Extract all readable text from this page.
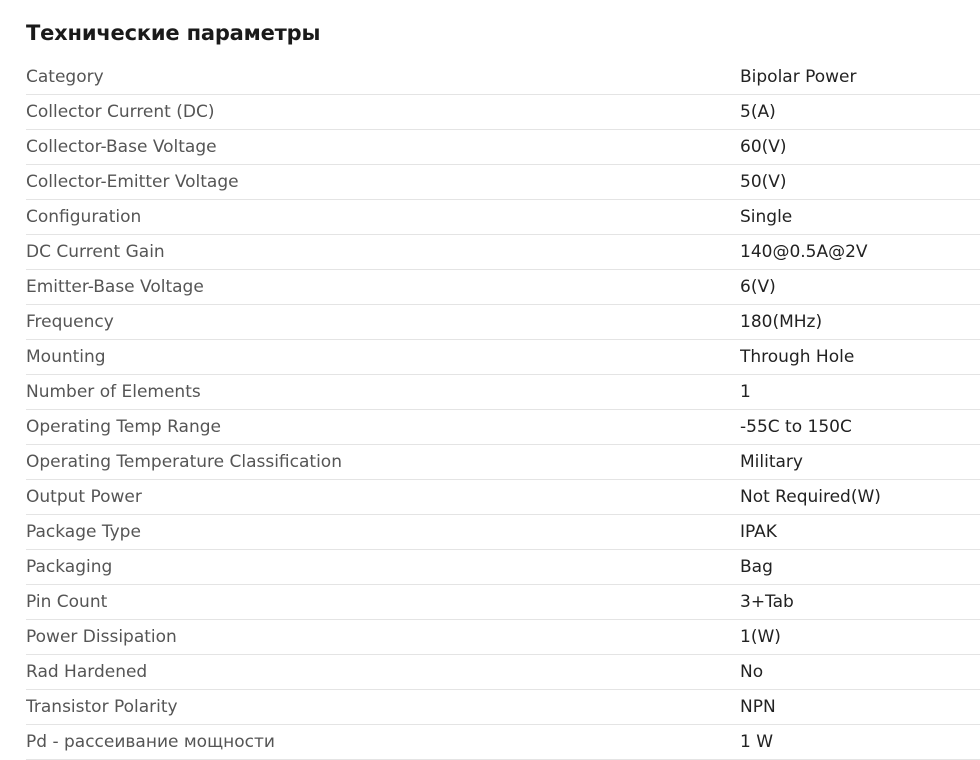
Технические параметры
Category	Bipolar Power
Collector Current (DC)	5(A)
Collector-Base Voltage	60(V)
Collector-Emitter Voltage	50(V)
Configuration	Single
DC Current Gain	140@0.5A@2V
Emitter-Base Voltage	6(V)
Frequency	180(MHz)
Mounting	Through Hole
Number of Elements	1
Operating Temp Range	-55C to 150C
Operating Temperature Classification	Military
Output Power	Not Required(W)
Package Type	IPAK
Packaging	Bag
Pin Count	3+Tab
Power Dissipation	1(W)
Rad Hardened	No
Transistor Polarity	NPN
Pd - рассеивание мощности	1 W
